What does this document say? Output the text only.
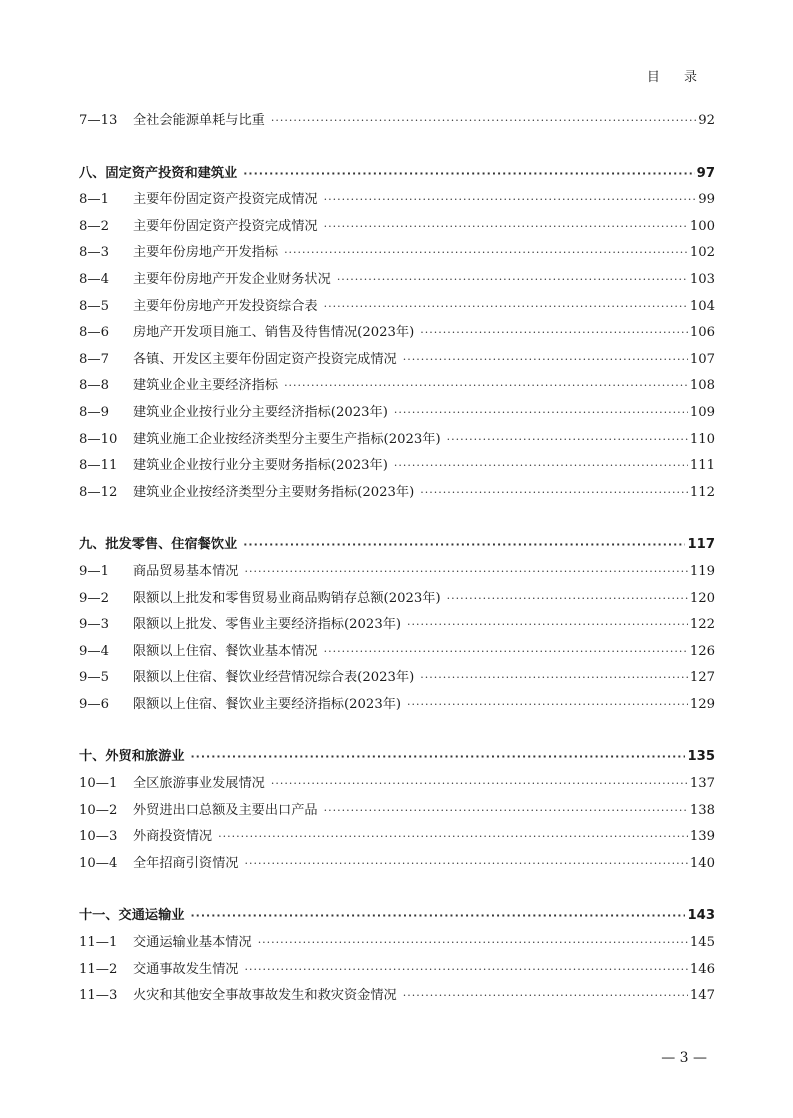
目 录
7—13	全社会能源单耗与比重 ·····	92
八、固定资产投资和建筑业 ·····	97
8—1	主要年份固定资产投资完成情况 ·····	99
8—2	主要年份固定资产投资完成情况 ·····	100
8—3	主要年份房地产开发指标 ·····	102
8—4	主要年份房地产开发企业财务状况 ·····	103
8—5	主要年份房地产开发投资综合表 ·····	104
8—6	房地产开发项目施工、销售及待售情况(2023年) ·····	106
8—7	各镇、开发区主要年份固定资产投资完成情况 ·····	107
8—8	建筑业企业主要经济指标 ·····	108
8—9	建筑业企业按行业分主要经济指标(2023年) ·····	109
8—10	建筑业施工企业按经济类型分主要生产指标(2023年) ·····	110
8—11	建筑业企业按行业分主要财务指标(2023年) ·····	111
8—12	建筑业企业按经济类型分主要财务指标(2023年) ·····	112
九、批发零售、住宿餐饮业 ·····	117
9—1	商品贸易基本情况 ·····	119
9—2	限额以上批发和零售贸易业商品购销存总额(2023年) ·····	120
9—3	限额以上批发、零售业主要经济指标(2023年) ·····	122
9—4	限额以上住宿、餐饮业基本情况 ·····	126
9—5	限额以上住宿、餐饮业经营情况综合表(2023年) ·····	127
9—6	限额以上住宿、餐饮业主要经济指标(2023年) ·····	129
十、外贸和旅游业 ·····	135
10—1	全区旅游事业发展情况 ·····	137
10—2	外贸进出口总额及主要出口产品 ·····	138
10—3	外商投资情况 ·····	139
10—4	全年招商引资情况 ·····	140
十一、交通运输业 ·····	143
11—1	交通运输业基本情况 ·····	145
11—2	交通事故发生情况 ·····	146
11—3	火灾和其他安全事故事故发生和救灾资金情况 ·····	147
— 3 —
